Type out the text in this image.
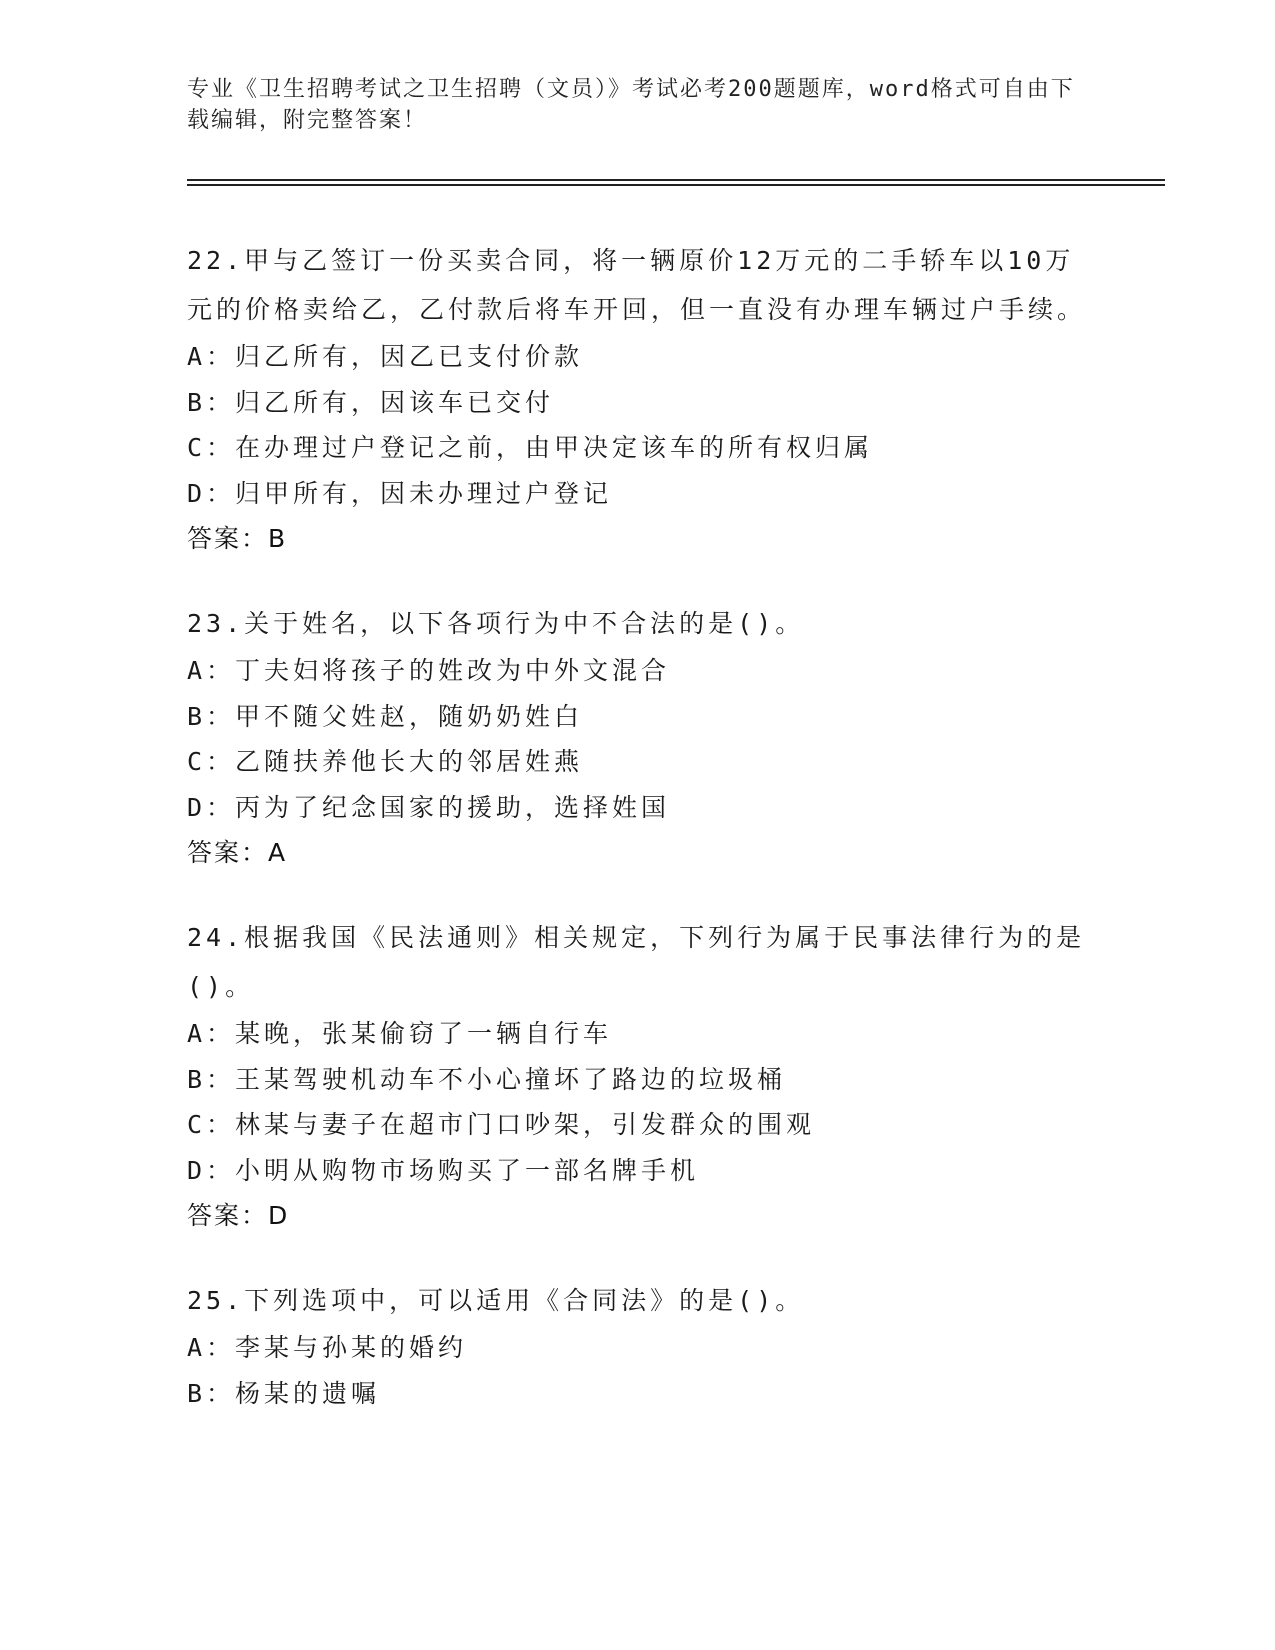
专业《卫生招聘考试之卫生招聘（文员）》考试必考200题题库，word格式可自由下载编辑，附完整答案！
22.甲与乙签订一份买卖合同，将一辆原价12万元的二手轿车以10万元的价格卖给乙，乙付款后将车开回，但一直没有办理车辆过户手续。
A：归乙所有，因乙已支付价款
B：归乙所有，因该车已交付
C：在办理过户登记之前，由甲决定该车的所有权归属
D：归甲所有，因未办理过户登记
答案：B
23.关于姓名，以下各项行为中不合法的是()。
A：丁夫妇将孩子的姓改为中外文混合
B：甲不随父姓赵，随奶奶姓白
C：乙随扶养他长大的邻居姓燕
D：丙为了纪念国家的援助，选择姓国
答案：A
24.根据我国《民法通则》相关规定，下列行为属于民事法律行为的是()。
A：某晚，张某偷窃了一辆自行车
B：王某驾驶机动车不小心撞坏了路边的垃圾桶
C：林某与妻子在超市门口吵架，引发群众的围观
D：小明从购物市场购买了一部名牌手机
答案：D
25.下列选项中，可以适用《合同法》的是()。
A：李某与孙某的婚约
B：杨某的遗嘱
